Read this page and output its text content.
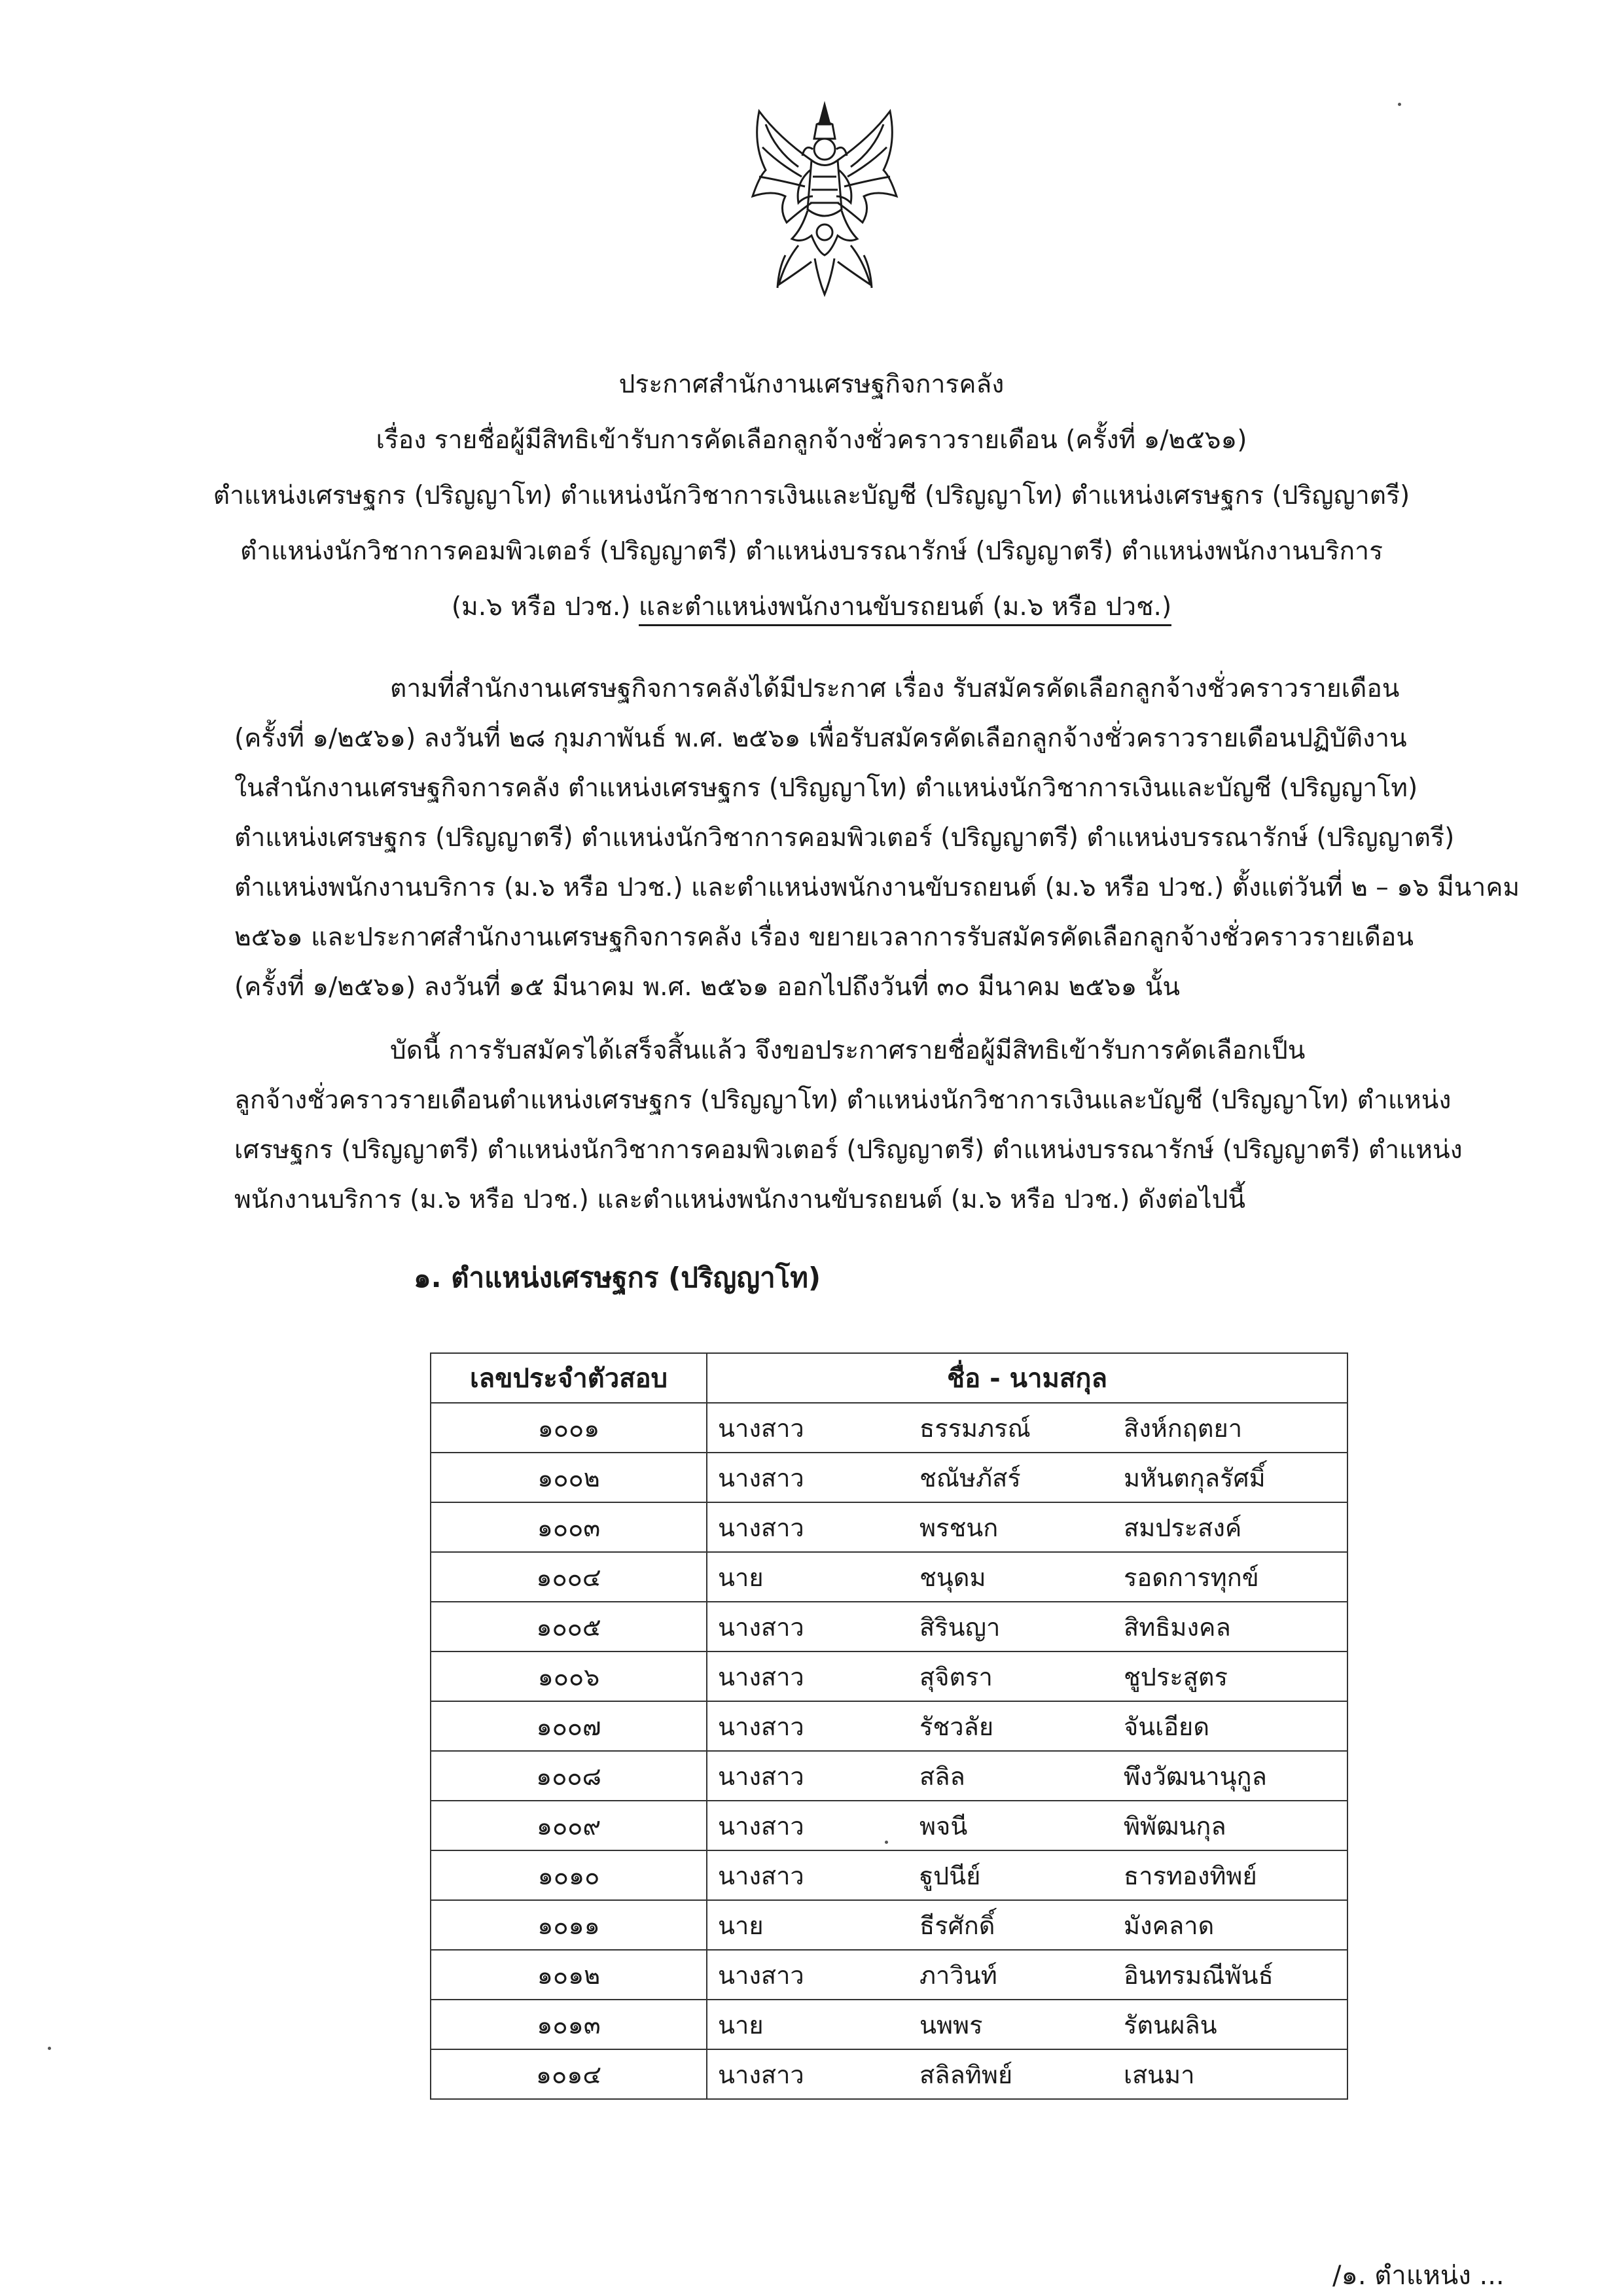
ประกาศสำนักงานเศรษฐกิจการคลัง
เรื่อง รายชื่อผู้มีสิทธิเข้ารับการคัดเลือกลูกจ้างชั่วคราวรายเดือน (ครั้งที่ ๑/๒๕๖๑)
ตำแหน่งเศรษฐกร (ปริญญาโท) ตำแหน่งนักวิชาการเงินและบัญชี (ปริญญาโท) ตำแหน่งเศรษฐกร (ปริญญาตรี)
ตำแหน่งนักวิชาการคอมพิวเตอร์ (ปริญญาตรี) ตำแหน่งบรรณารักษ์ (ปริญญาตรี) ตำแหน่งพนักงานบริการ
(ม.๖ หรือ ปวช.) และตำแหน่งพนักงานขับรถยนต์ (ม.๖ หรือ ปวช.)
ตามที่สำนักงานเศรษฐกิจการคลังได้มีประกาศ เรื่อง รับสมัครคัดเลือกลูกจ้างชั่วคราวรายเดือน
(ครั้งที่ ๑/๒๕๖๑) ลงวันที่ ๒๘ กุมภาพันธ์ พ.ศ. ๒๕๖๑ เพื่อรับสมัครคัดเลือกลูกจ้างชั่วคราวรายเดือนปฏิบัติงาน
ในสำนักงานเศรษฐกิจการคลัง ตำแหน่งเศรษฐกร (ปริญญาโท) ตำแหน่งนักวิชาการเงินและบัญชี (ปริญญาโท)
ตำแหน่งเศรษฐกร (ปริญญาตรี) ตำแหน่งนักวิชาการคอมพิวเตอร์ (ปริญญาตรี) ตำแหน่งบรรณารักษ์ (ปริญญาตรี)
ตำแหน่งพนักงานบริการ (ม.๖ หรือ ปวช.) และตำแหน่งพนักงานขับรถยนต์ (ม.๖ หรือ ปวช.) ตั้งแต่วันที่ ๒ – ๑๖ มีนาคม
๒๕๖๑ และประกาศสำนักงานเศรษฐกิจการคลัง เรื่อง ขยายเวลาการรับสมัครคัดเลือกลูกจ้างชั่วคราวรายเดือน
(ครั้งที่ ๑/๒๕๖๑) ลงวันที่ ๑๕ มีนาคม พ.ศ. ๒๕๖๑ ออกไปถึงวันที่ ๓๐ มีนาคม ๒๕๖๑ นั้น
บัดนี้ การรับสมัครได้เสร็จสิ้นแล้ว จึงขอประกาศรายชื่อผู้มีสิทธิเข้ารับการคัดเลือกเป็น
ลูกจ้างชั่วคราวรายเดือนตำแหน่งเศรษฐกร (ปริญญาโท) ตำแหน่งนักวิชาการเงินและบัญชี (ปริญญาโท) ตำแหน่ง
เศรษฐกร (ปริญญาตรี) ตำแหน่งนักวิชาการคอมพิวเตอร์ (ปริญญาตรี) ตำแหน่งบรรณารักษ์ (ปริญญาตรี) ตำแหน่ง
พนักงานบริการ (ม.๖ หรือ ปวช.) และตำแหน่งพนักงานขับรถยนต์ (ม.๖ หรือ ปวช.) ดังต่อไปนี้
๑. ตำแหน่งเศรษฐกร (ปริญญาโท)
เลขประจำตัวสอบ	ชื่อ - นามสกุล
๑๐๐๑	นางสาว ธรรมภรณ์ สิงห์กฤตยา

๑๐๐๒	นางสาว ชณัษภัสร์ มหันตกุลรัศมิ์

๑๐๐๓	นางสาว พรชนก สมประสงค์

๑๐๐๔	นาย ชนุดม รอดการทุกข์

๑๐๐๕	นางสาว สิรินญา สิทธิมงคล

๑๐๐๖	นางสาว สุจิตรา ชูประสูตร

๑๐๐๗	นางสาว รัชวลัย จันเอียด

๑๐๐๘	นางสาว สลิล พึงวัฒนานุกูล

๑๐๐๙	นางสาว พจนี พิพัฒนกุล

๑๐๑๐	นางสาว ฐูปนีย์ ธารทองทิพย์

๑๐๑๑	นาย ธีรศักดิ์ มังคลาด

๑๐๑๒	นางสาว ภาวินท์ อินทรมณีพันธ์

๑๐๑๓	นาย นพพร รัตนผลิน

๑๐๑๔	นางสาว สลิลทิพย์ เสนมา
/๑. ตำแหน่ง ...
